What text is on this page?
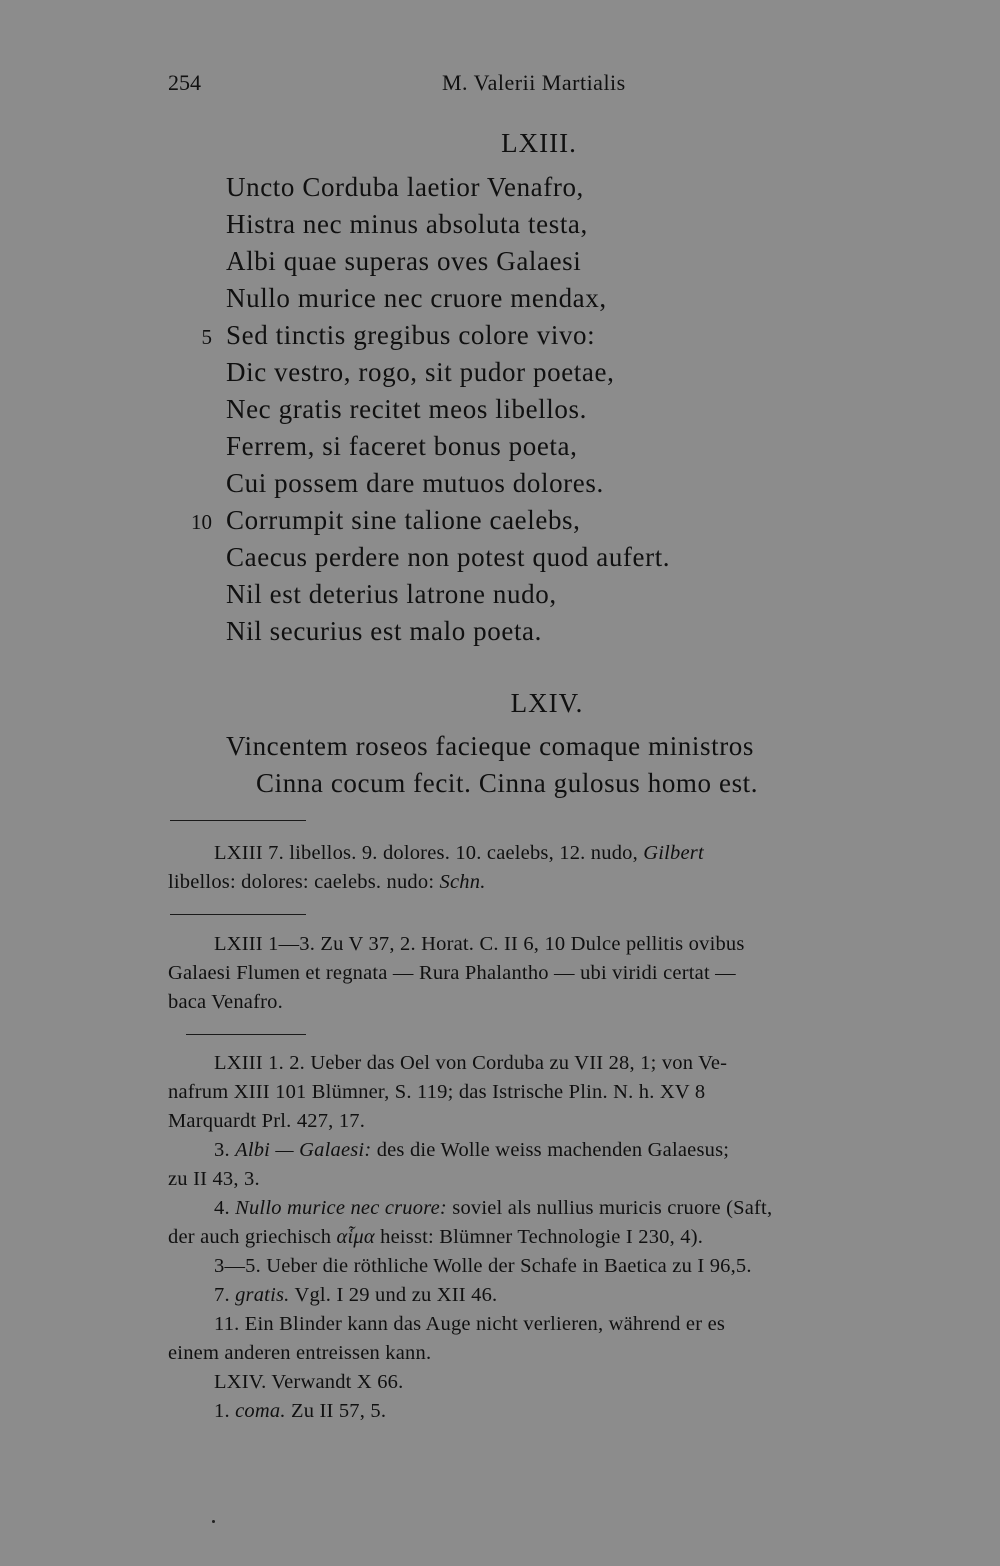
254	M. Valerii Martialis
LXIII.
Uncto Corduba laetior Venafro,
Histra nec minus absoluta testa,
Albi quae superas oves Galaesi
Nullo murice nec cruore mendax,
5 Sed tinctis gregibus colore vivo:
Dic vestro, rogo, sit pudor poetae,
Nec gratis recitet meos libellos.
Ferrem, si faceret bonus poeta,
Cui possem dare mutuos dolores.
10 Corrumpit sine talione caelebs,
Caecus perdere non potest quod aufert.
Nil est deterius latrone nudo,
Nil securius est malo poeta.
LXIV.
Vincentem roseos facieque comaque ministros
Cinna cocum fecit. Cinna gulosus homo est.
LXIII 7. libellos. 9. dolores. 10. caelebs, 12. nudo, Gilbert
libellos: dolores: caelebs. nudo: Schn.
LXIII 1—3. Zu V 37, 2. Horat. C. II 6, 10 Dulce pellitis ovibus
Galaesi Flumen et regnata — Rura Phalantho — ubi viridi certat —
baca Venafro.
LXIII 1. 2. Ueber das Oel von Corduba zu VII 28, 1; von Ve-
nafrum XIII 101 Blümner, S. 119; das Istrische Plin. N. h. XV 8
Marquardt Prl. 427, 17.
3. Albi — Galaesi: des die Wolle weiss machenden Galaesus;
zu II 43, 3.
4. Nullo murice nec cruore: soviel als nullius muricis cruore (Saft,
der auch griechisch αἷμα heisst: Blümner Technologie I 230, 4).
3—5. Ueber die röthliche Wolle der Schafe in Baetica zu I 96,5.
7. gratis. Vgl. I 29 und zu XII 46.
11. Ein Blinder kann das Auge nicht verlieren, während er es
einem anderen entreissen kann.
LXIV. Verwandt X 66.
1. coma. Zu II 57, 5.
